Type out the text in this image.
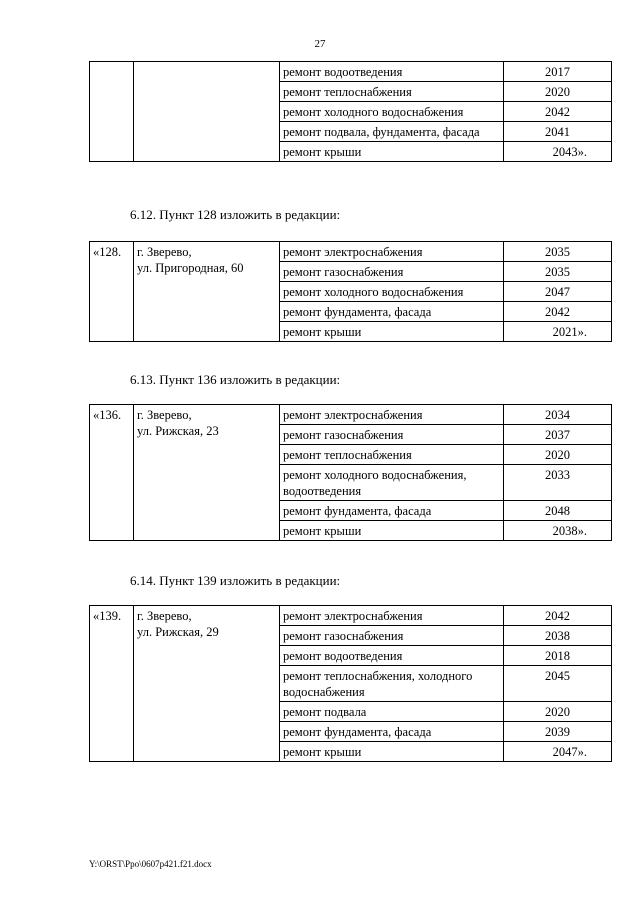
27
		ремонт водоотведения	2017
		ремонт теплоснабжения	2020
		ремонт холодного водоснабжения	2042
		ремонт подвала, фундамента, фасада	2041
		ремонт крыши	2043».
6.12. Пункт 128 изложить в редакции:
«128.	г. Зверево,
ул. Пригородная, 60	ремонт электроснабжения	2035
		ремонт газоснабжения	2035
		ремонт холодного водоснабжения	2047
		ремонт фундамента, фасада	2042
		ремонт крыши	2021».
6.13. Пункт 136 изложить в редакции:
«136.	г. Зверево,
ул. Рижская, 23	ремонт электроснабжения	2034
		ремонт газоснабжения	2037
		ремонт теплоснабжения	2020
		ремонт холодного водоснабжения, водоотведения	2033
		ремонт фундамента, фасада	2048
		ремонт крыши	2038».
6.14. Пункт 139 изложить в редакции:
«139.	г. Зверево,
ул. Рижская, 29	ремонт электроснабжения	2042
		ремонт газоснабжения	2038
		ремонт водоотведения	2018
		ремонт теплоснабжения, холодного водоснабжения	2045
		ремонт подвала	2020
		ремонт фундамента, фасада	2039
		ремонт крыши	2047».
Y:\ORST\Ppo\0607p421.f21.docx
